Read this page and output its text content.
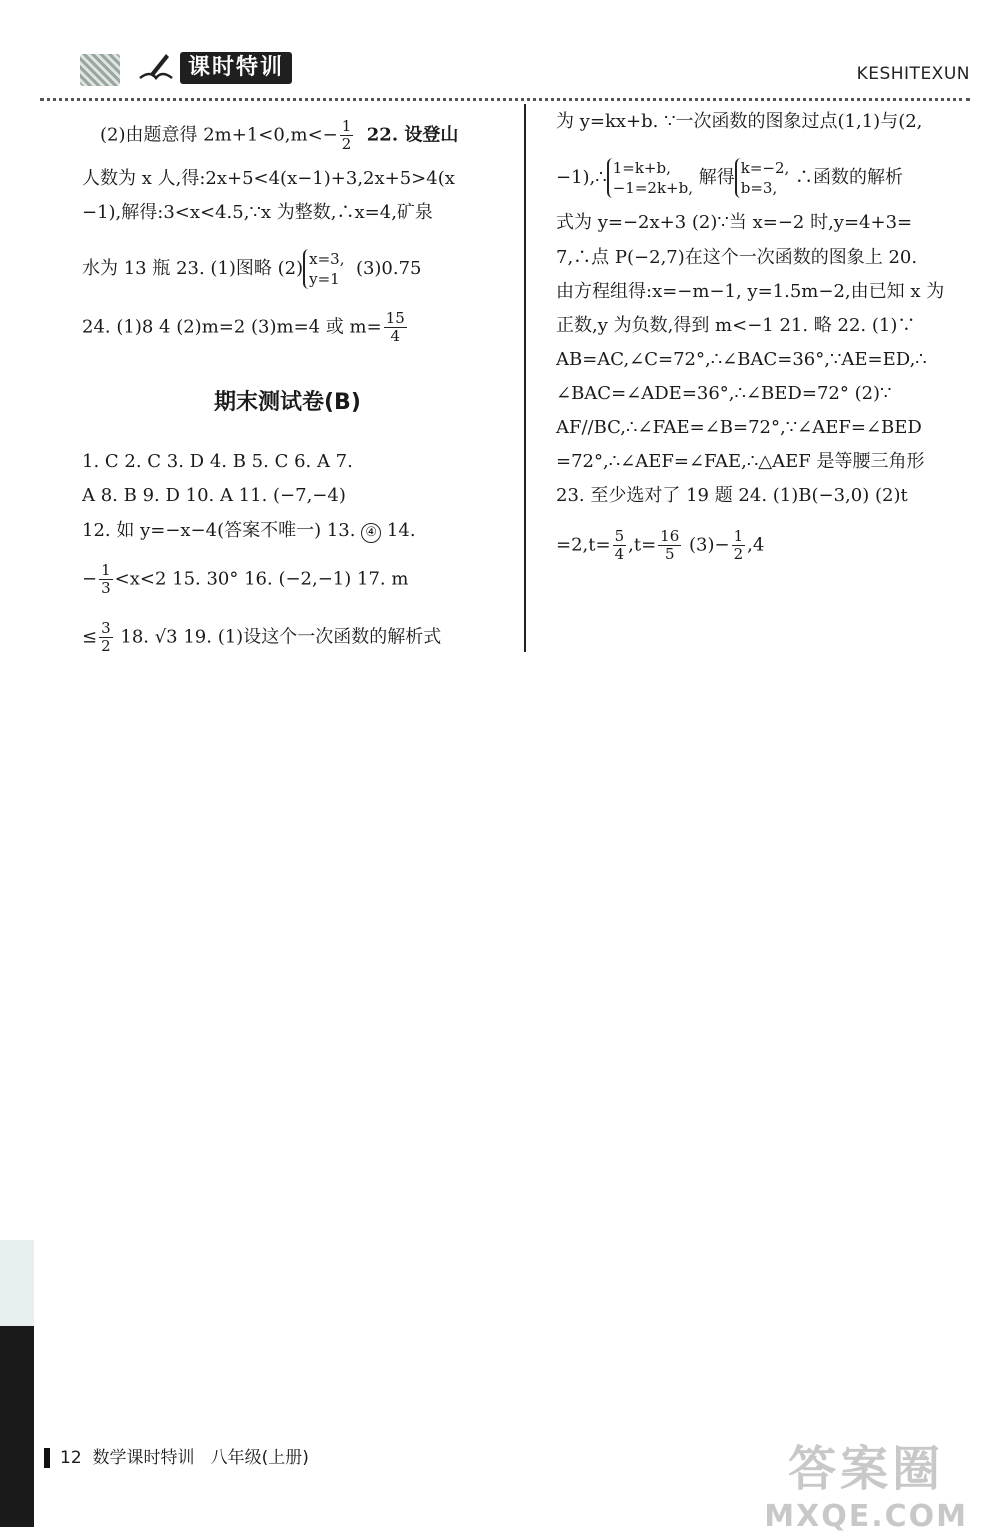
课时特训	KESHITEXUN
(2)由题意得 $2m+1<0,m<- \frac{1}{2} 22$. 设登山
人数为 x 人,得:2x+5<4(x−1)+3,2x+5>4(x
−1),解得:3<x<4.5,∵x 为整数,∴x=4,矿泉
水为 13 瓶 23. (1)图略 (2) x=3,
y=1 (3)0.75
24. (1)8 4 (2)m=2 (3)m=4 或 $m= \frac{15}{4}$
期末测试卷(B)
1. C 2. C 3. D 4. B 5. C 6. A 7.
A 8. B 9. D 10. A 11. (−7,−4)
12. 如 y=−x−4(答案不唯一) 13. ④ 14.
− $\frac{1}{3} <x<2$ 15. 30° 16. (−2,−1) 17. m
≤ $\frac{3}{2} 18$. √3 19. (1)设这个一次函数的解析式
为 y=kx+b. ∵一次函数的图象过点(1,1)与(2,
−1),∴ 1=k+b,
−1=2k+b, 解得 k=−2,
b=3, ∴函数的解析
式为 y=−2x+3 (2)∵当 x=−2 时,y=4+3=
7,∴点 P(−2,7)在这个一次函数的图象上 20.
由方程组得:x=−m−1, y=1.5m−2,由已知 x 为
正数,y 为负数,得到 m<−1 21. 略 22. (1)∵
AB=AC,∠C=72°,∴∠BAC=36°,∵AE=ED,∴
∠BAC=∠ADE=36°,∴∠BED=72° (2)∵
AF//BC,∴∠FAE=∠B=72°,∵∠AEF=∠BED
=72°,∴∠AEF=∠FAE,∴△AEF 是等腰三角形
23. 至少选对了 19 题 24. (1)B(−3,0) (2)t
$=2,t= \frac{5}{4} ,t= \frac{16}{5} (3)- \frac{1}{2} ,4$
12 数学课时特训 八年级(上册)	答案圈
MXQE.COM
